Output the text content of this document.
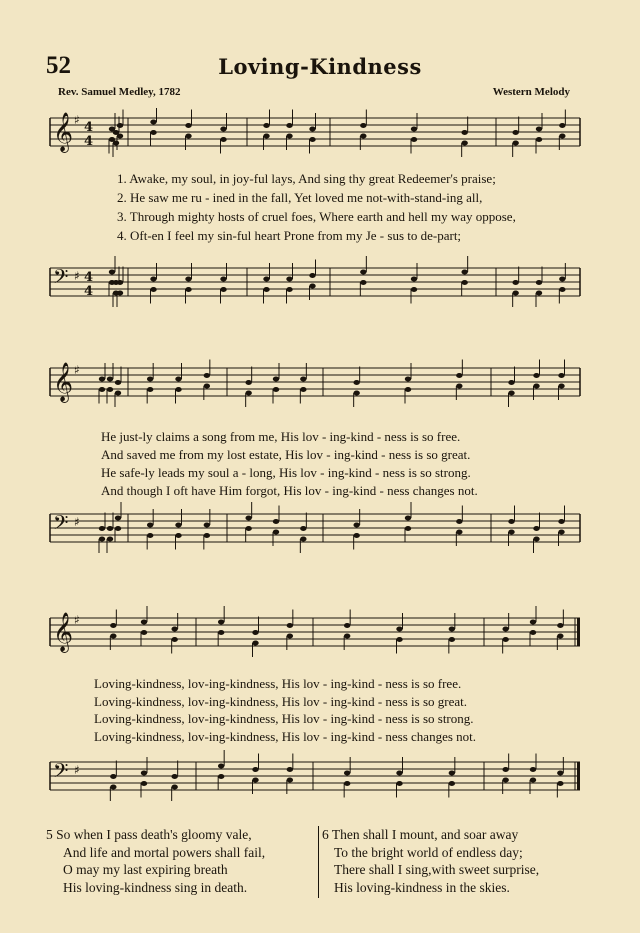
52	Loving-Kindness
Rev. Samuel Medley, 1782	Western Melody
𝄞 ♯ 4
4
1. Awake, my soul, in joy-ful lays, And sing thy great Redeemer's praise;
2. He saw me ru - ined in the fall, Yet loved me not-with-stand-ing all,
3. Through mighty hosts of cruel foes, Where earth and hell my way oppose,
4. Oft-en I feel my sin-ful heart Prone from my Je - sus to de-part;
𝄢 ♯ 4
4
𝄞 ♯
He just-ly claims a song from me, His lov - ing-kind - ness is so free.
And saved me from my lost estate, His lov - ing-kind - ness is so great.
He safe-ly leads my soul a - long, His lov - ing-kind - ness is so strong.
And though I oft have Him forgot, His lov - ing-kind - ness changes not.
𝄢 ♯
𝄞 ♯
Loving-kindness, lov-ing-kindness, His lov - ing-kind - ness is so free.
Loving-kindness, lov-ing-kindness, His lov - ing-kind - ness is so great.
Loving-kindness, lov-ing-kindness, His lov - ing-kind - ness is so strong.
Loving-kindness, lov-ing-kindness, His lov - ing-kind - ness changes not.
𝄢 ♯
5 So when I pass death's gloomy vale,
And life and mortal powers shall fail,
O may my last expiring breath
His loving-kindness sing in death.
6 Then shall I mount, and soar away
To the bright world of endless day;
There shall I sing,with sweet surprise,
His loving-kindness in the skies.
